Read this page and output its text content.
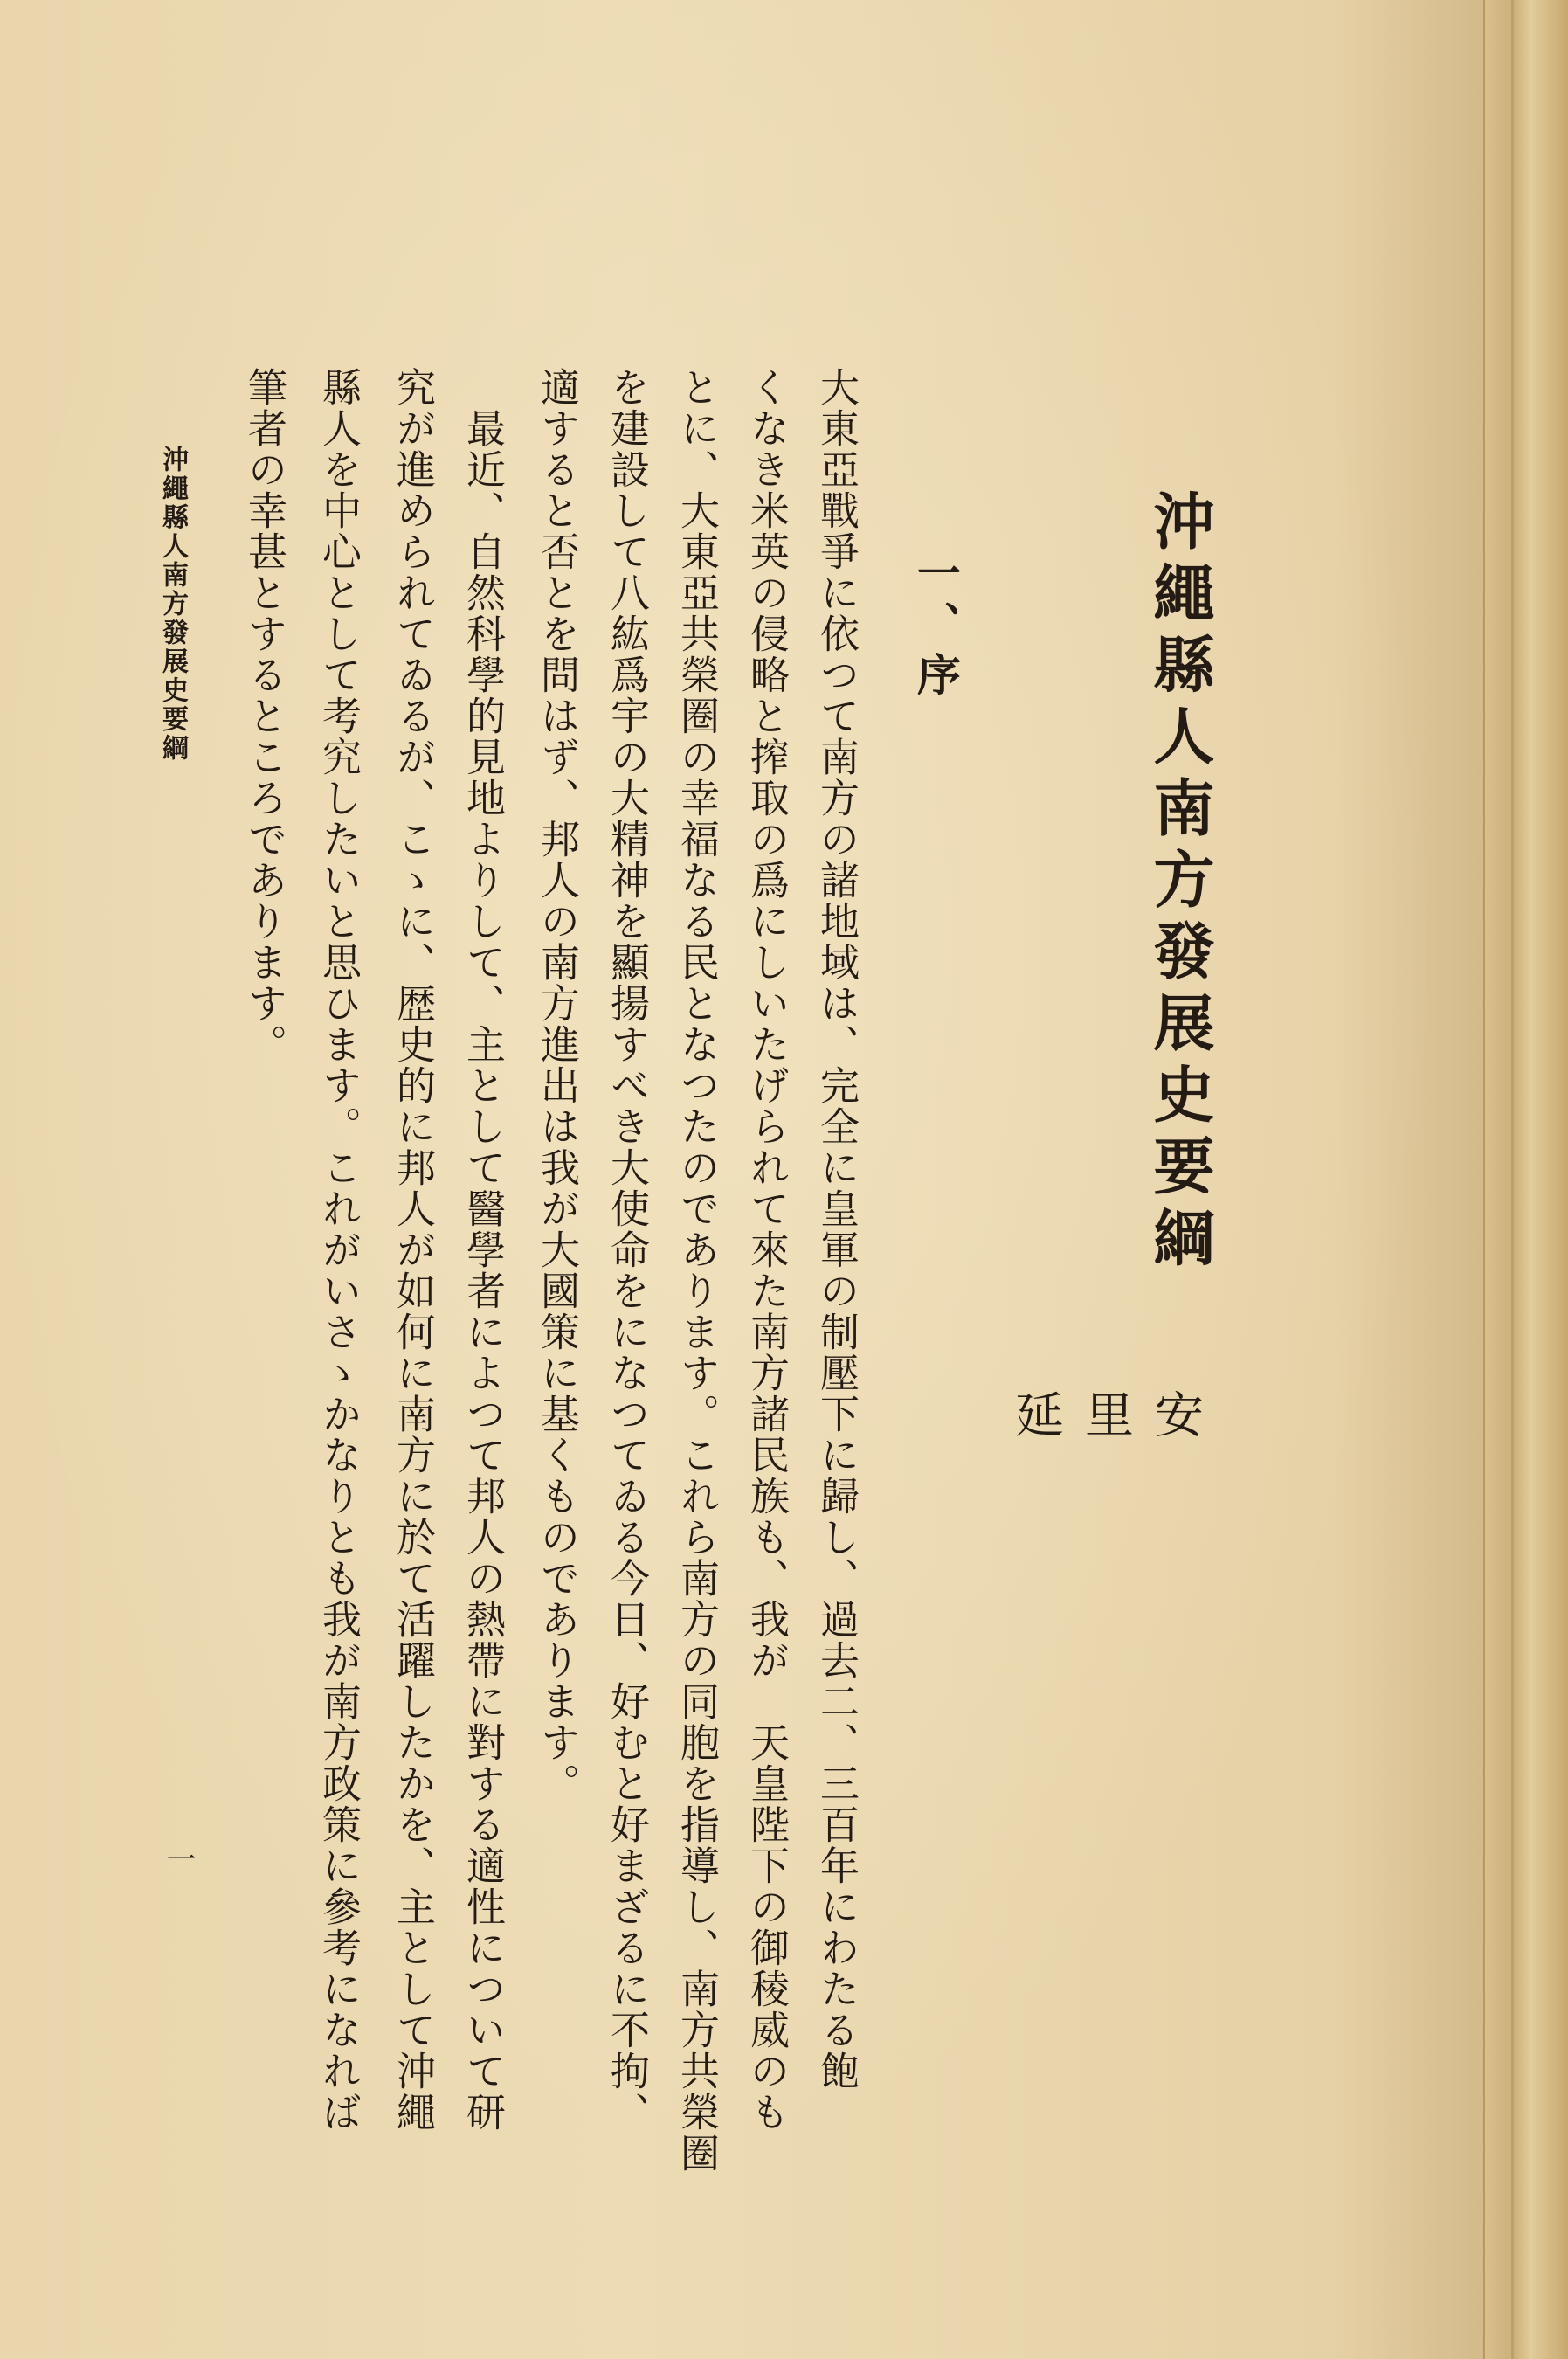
沖繩縣人南方發展史要綱
安
里
延
一、序
大東亞戰爭に依つて南方の諸地域は、完全に皇軍の制壓下に歸し、過去二、三百年にわたる飽
くなき米英の侵略と搾取の爲にしいたげられて來た南方諸民族も、我が　天皇陛下の御稜威のも
とに、大東亞共榮圈の幸福なる民となつたのであります。これら南方の同胞を指導し、南方共榮圈
を建設して八紘爲宇の大精神を顯揚すべき大使命をになつてゐる今日、好むと好まざるに不拘、
適すると否とを問はず、邦人の南方進出は我が大國策に基くものであります。
　最近、自然科學的見地よりして、主として醫學者によつて邦人の熱帶に對する適性について研
究が進められてゐるが、こゝに、歴史的に邦人が如何に南方に於て活躍したかを、主として沖繩
縣人を中心として考究したいと思ひます。これがいさゝかなりとも我が南方政策に參考になれば
筆者の幸甚とするところであります。
沖繩縣人南方發展史要綱
一
